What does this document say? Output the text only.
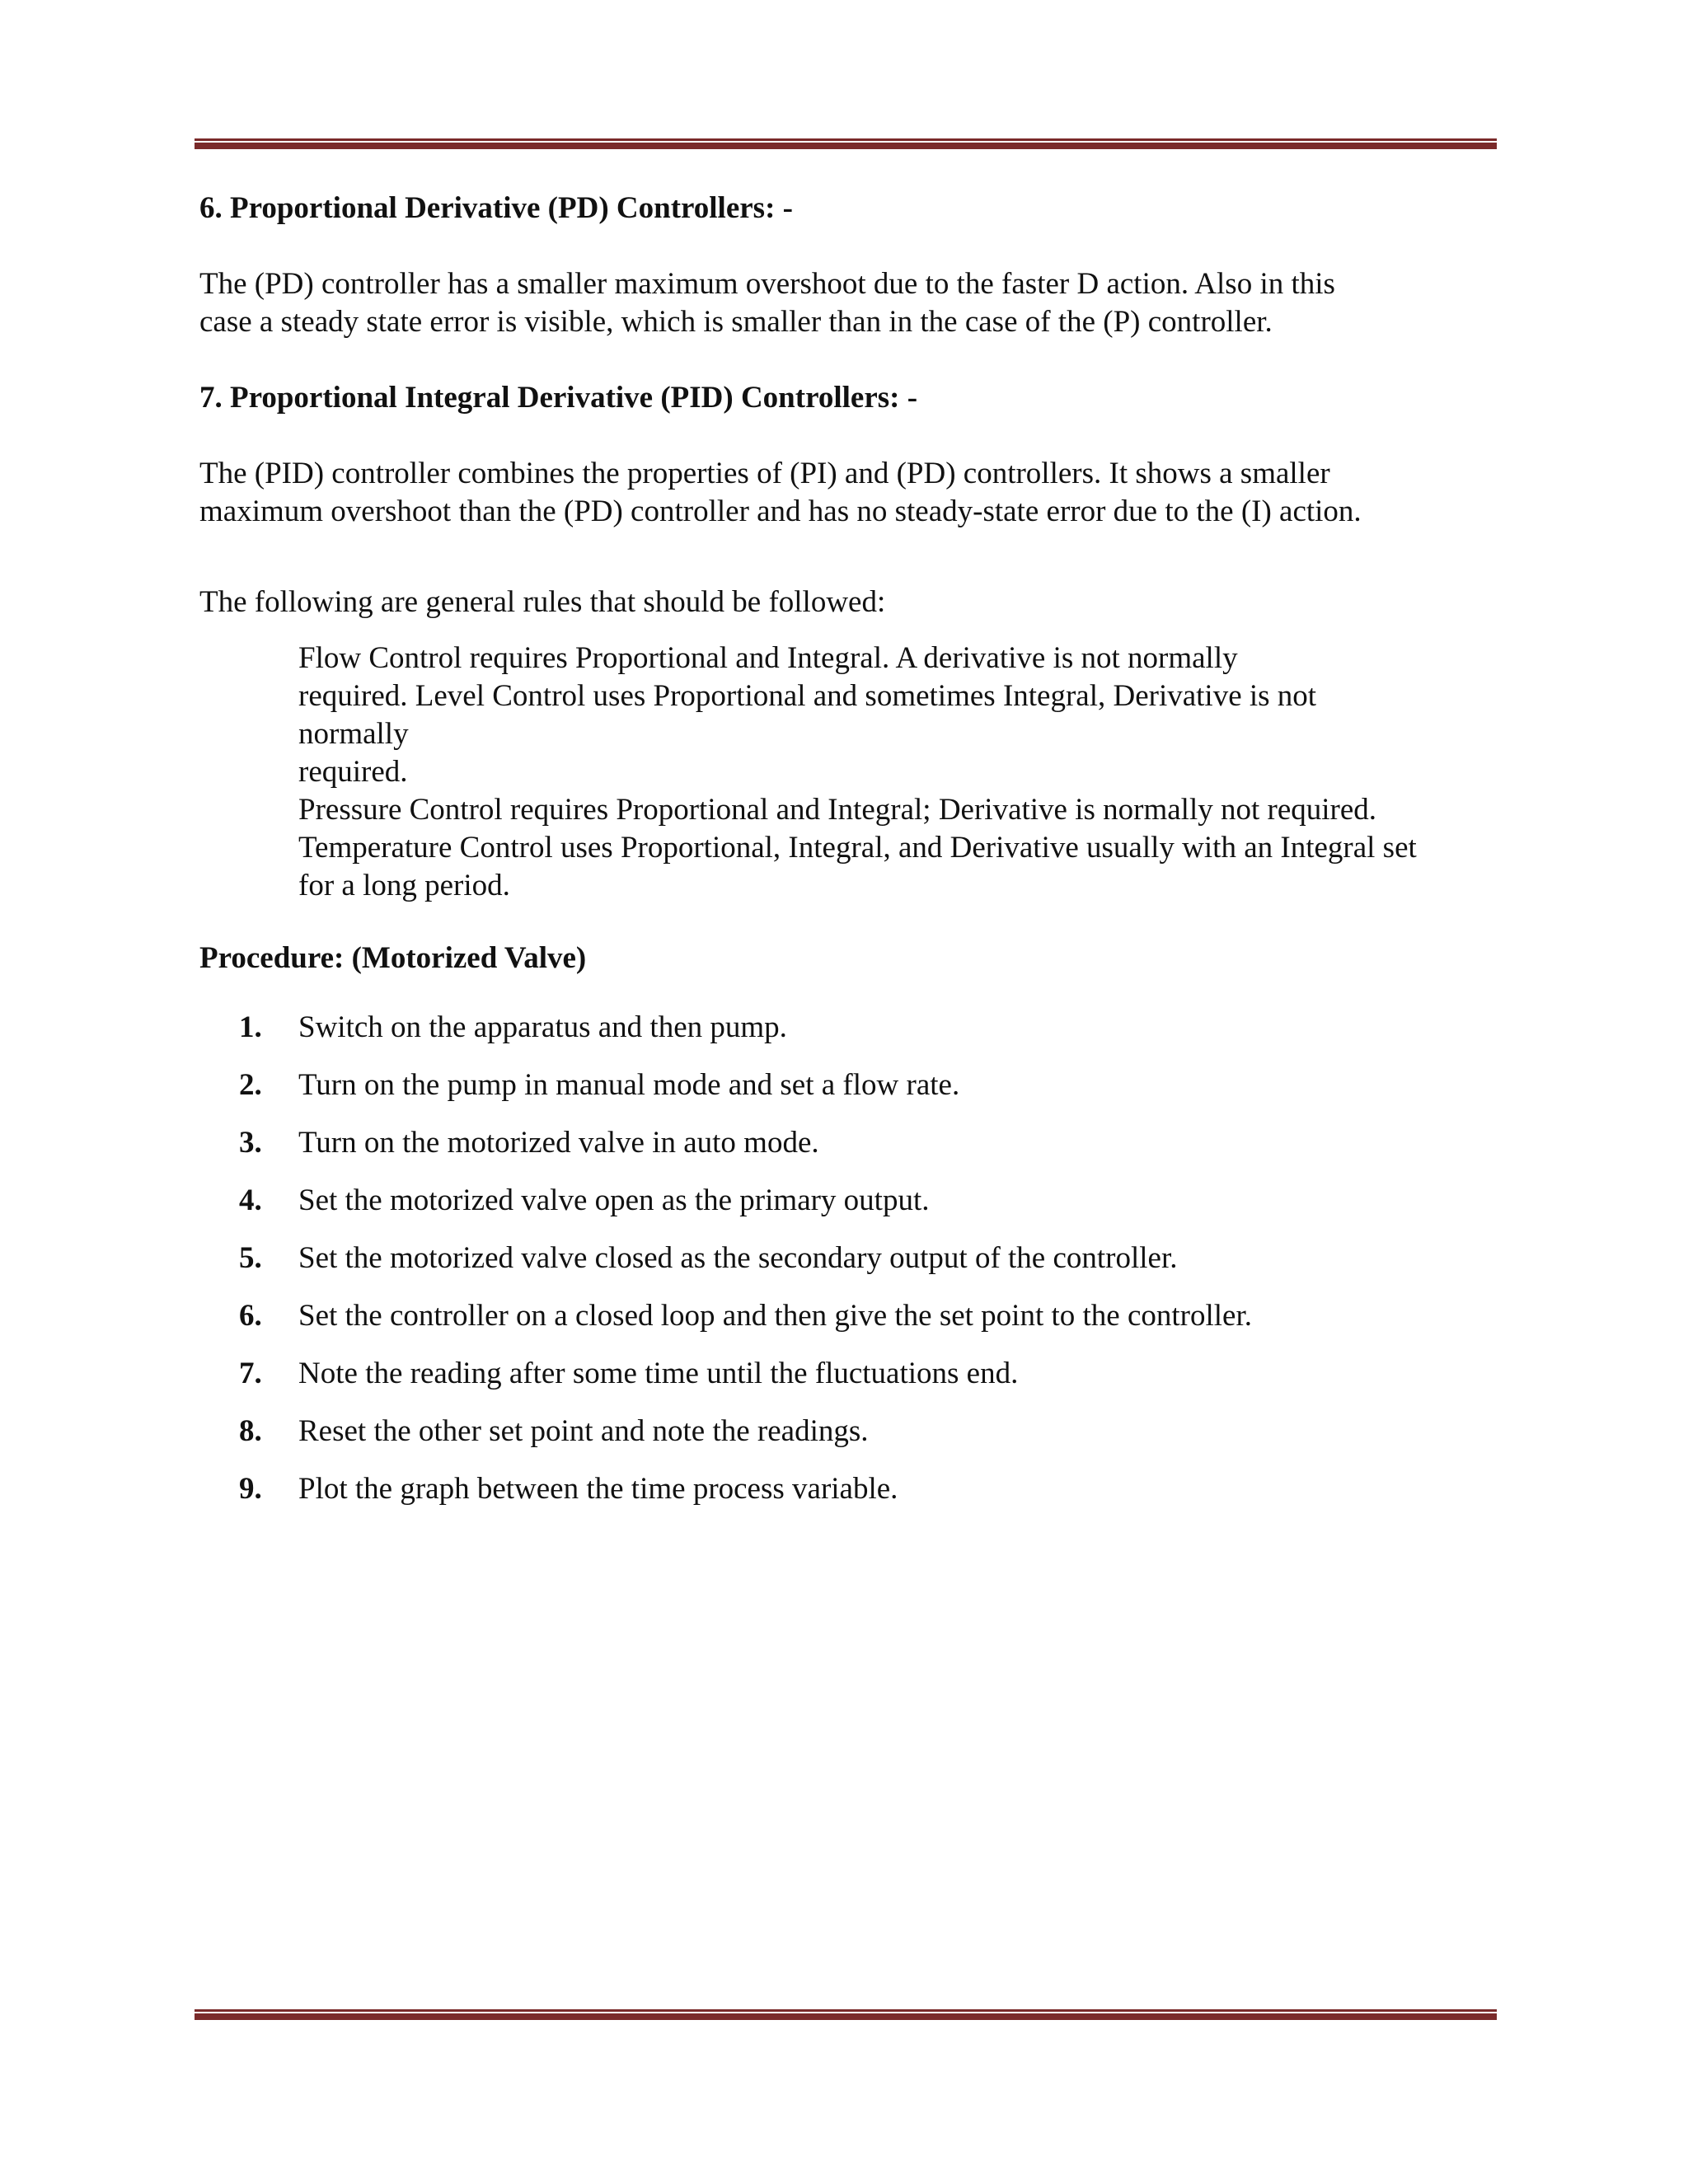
6. Proportional Derivative (PD) Controllers: -

The (PD) controller has a smaller maximum overshoot due to the faster D action. Also in this

case a steady state error is visible, which is smaller than in the case of the (P) controller.

7. Proportional Integral Derivative (PID) Controllers: -

The (PID) controller combines the properties of (PI) and (PD) controllers. It shows a smaller

maximum overshoot than the (PD) controller and has no steady-state error due to the (I) action.

The following are general rules that should be followed:

Flow Control requires Proportional and Integral. A derivative is not normally

required. Level Control uses Proportional and sometimes Integral, Derivative is not

normally

required.

Pressure Control requires Proportional and Integral; Derivative is normally not required.

Temperature Control uses Proportional, Integral, and Derivative usually with an Integral set

for a long period.

Procedure: (Motorized Valve)
1.	Switch on the apparatus and then pump.
2.	Turn on the pump in manual mode and set a flow rate.
3.	Turn on the motorized valve in auto mode.
4.	Set the motorized valve open as the primary output.
5.	Set the motorized valve closed as the secondary output of the controller.
6.	Set the controller on a closed loop and then give the set point to the controller.
7.	Note the reading after some time until the fluctuations end.
8.	Reset the other set point and note the readings.
9.	Plot the graph between the time process variable.
